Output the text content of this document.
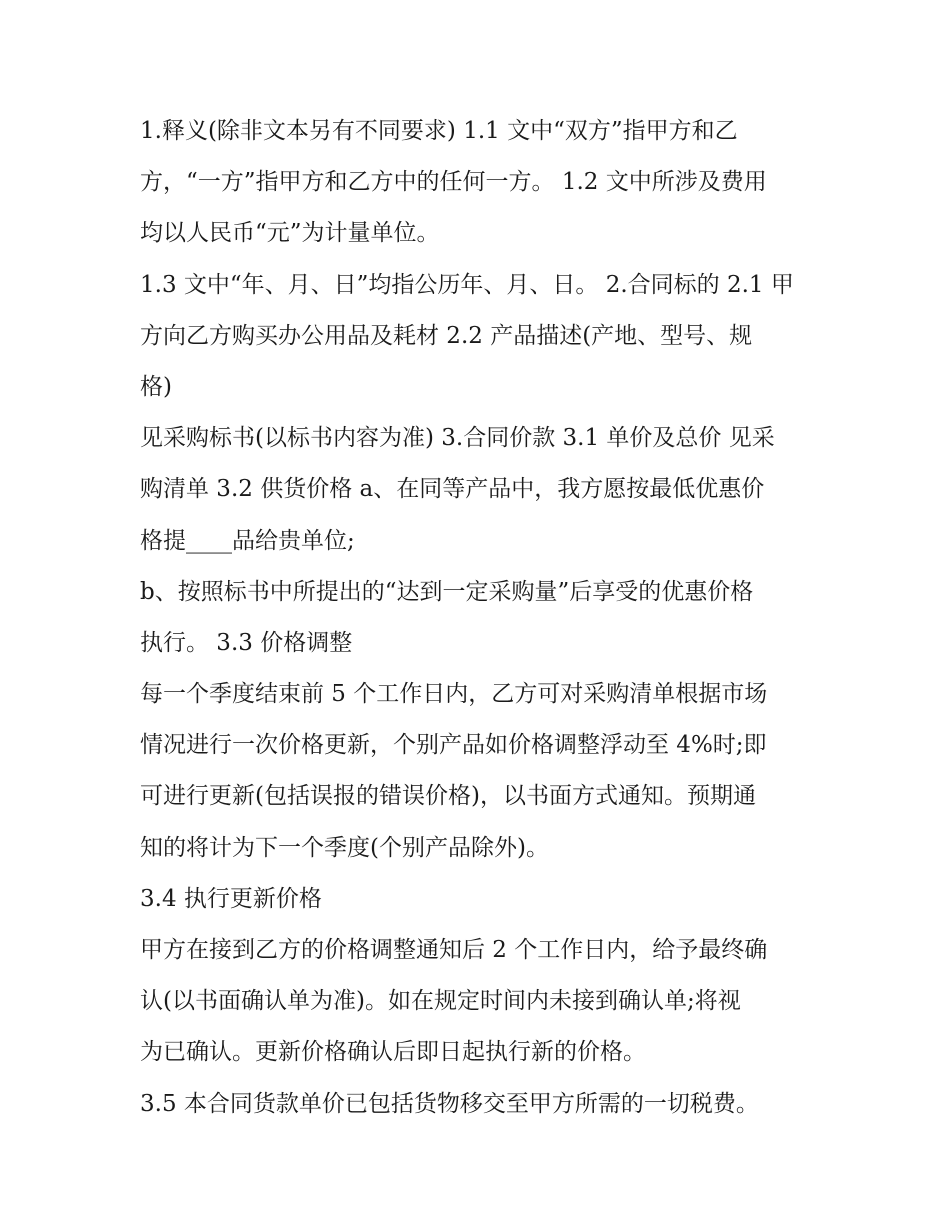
1.释义(除非文本另有不同要求) 1.1 文中“双方”指甲方和乙
方，“一方”指甲方和乙方中的任何一方。 1.2 文中所涉及费用
均以人民币“元”为计量单位。
1.3 文中“年、月、日”均指公历年、月、日。 2.合同标的 2.1 甲
方向乙方购买办公用品及耗材 2.2 产品描述(产地、型号、规
格)
见采购标书(以标书内容为准) 3.合同价款 3.1 单价及总价 见采
购清单 3.2 供货价格 a、在同等产品中，我方愿按最低优惠价
格提____品给贵单位;
b、按照标书中所提出的“达到一定采购量”后享受的优惠价格
执行。 3.3 价格调整
每一个季度结束前 5 个工作日内，乙方可对采购清单根据市场
情况进行一次价格更新，个别产品如价格调整浮动至 4%时;即
可进行更新(包括误报的错误价格)，以书面方式通知。预期通
知的将计为下一个季度(个别产品除外)。
3.4 执行更新价格
甲方在接到乙方的价格调整通知后 2 个工作日内，给予最终确
认(以书面确认单为准)。如在规定时间内未接到确认单;将视
为已确认。更新价格确认后即日起执行新的价格。
3.5 本合同货款单价已包括货物移交至甲方所需的一切税费。
